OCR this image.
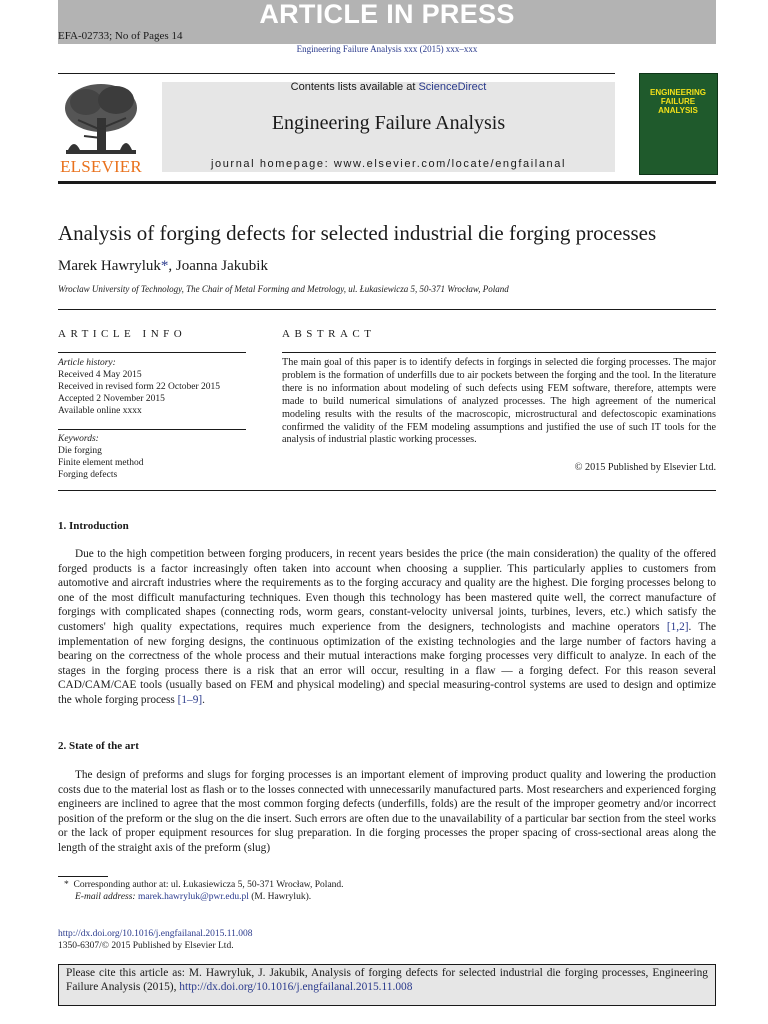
ARTICLE IN PRESS
EFA-02733; No of Pages 14
Engineering Failure Analysis xxx (2015) xxx–xxx
ELSEVIER
Contents lists available at ScienceDirect
Engineering Failure Analysis
journal homepage: www.elsevier.com/locate/engfailanal
ENGINEERING FAILURE ANALYSIS
Analysis of forging defects for selected industrial die forging processes
Marek Hawryluk*, Joanna Jakubik
Wroclaw University of Technology, The Chair of Metal Forming and Metrology, ul. Łukasiewicza 5, 50-371 Wrocław, Poland
ARTICLE INFO	ABSTRACT
Article history:
Received 4 May 2015
Received in revised form 22 October 2015
Accepted 2 November 2015
Available online xxxx
Keywords:
Die forging
Finite element method
Forging defects
The main goal of this paper is to identify defects in forgings in selected die forging processes. The major problem is the formation of underfills due to air pockets between the forging and the tool. In the literature there is no information about modeling of such defects using FEM software, therefore, attempts were made to build numerical simulations of analyzed processes. The high agreement of the numerical modeling results with the results of the macroscopic, microstructural and defectoscopic examinations confirmed the validity of the FEM modeling assumptions and justified the use of such IT tools for the analysis of industrial plastic working processes.
© 2015 Published by Elsevier Ltd.
1. Introduction

Due to the high competition between forging producers, in recent years besides the price (the main consideration) the quality of the offered forged products is a factor increasingly often taken into account when choosing a supplier. This particularly applies to customers from automotive and aircraft industries where the requirements as to the forging accuracy and quality are the highest. Die forging processes belong to one of the most difficult manufacturing techniques. Even though this technology has been mastered quite well, the correct manufacture of forgings with complicated shapes (connecting rods, worm gears, constant-velocity universal joints, turbines, levers, etc.) which satisfy the customers' high quality expectations, requires much experience from the designers, technologists and machine operators [1,2]. The implementation of new forging designs, the continuous optimization of the existing technologies and the large number of factors having a bearing on the correctness of the whole process and their mutual interactions make forging processes very difficult to analyze. In each of the stages in the forging process there is a risk that an error will occur, resulting in a flaw — a forging defect. For this reason several CAD/CAM/CAE tools (usually based on FEM and physical modeling) and special measuring-control systems are used to design and optimize the whole forging process [1–9].

2. State of the art

The design of preforms and slugs for forging processes is an important element of improving product quality and lowering the production costs due to the material lost as flash or to the losses connected with unnecessarily manufactured parts. Most researchers and experienced forging engineers are inclined to agree that the most common forging defects (underfills, folds) are the result of the improper geometry and/or incorrect position of the preform or the slug on the die insert. Such errors are often due to the unavailability of a particular bar section from the steel works or the lack of proper equipment resources for slug preparation. In die forging processes the proper spacing of cross-sectional areas along the length of the straight axis of the preform (slug)

* Corresponding author at: ul. Łukasiewicza 5, 50-371 Wrocław, Poland.
E-mail address: marek.hawryluk@pwr.edu.pl (M. Hawryluk).
http://dx.doi.org/10.1016/j.engfailanal.2015.11.008
1350-6307/© 2015 Published by Elsevier Ltd.
Please cite this article as: M. Hawryluk, J. Jakubik, Analysis of forging defects for selected industrial die forging processes, Engineering Failure Analysis (2015), http://dx.doi.org/10.1016/j.engfailanal.2015.11.008
